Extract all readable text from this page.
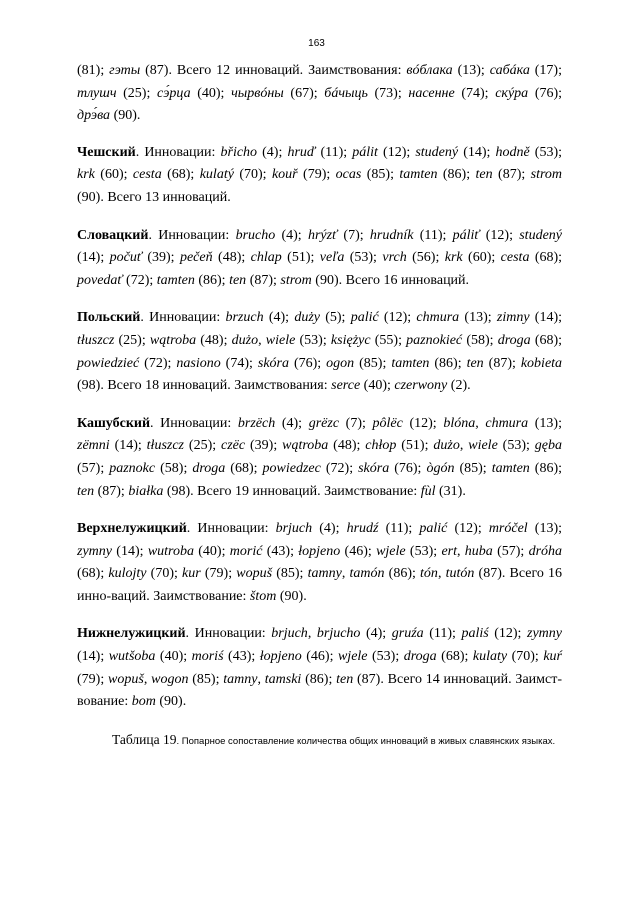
163

(81); гэты (87). Всего 12 инноваций. Заимствования: вóблака (13); сабáка (17); тлушч (25); сэ́рца (40); чырвóны (67); бáчыць (73); насенне (74); скýра (76); дрэ́ва (90).

Чешский. Инновации: břicho (4); hruď (11); pálit (12); studený (14); hodně (53); krk (60); cesta (68); kulatý (70); kouř (79); ocas (85); tamten (86); ten (87); strom (90). Всего 13 инноваций.

Словацкий. Инновации: brucho (4); hrýzť (7); hrudník (11); páliť (12); studený (14); počuť (39); pečeň (48); chlap (51); veľa (53); vrch (56); krk (60); cesta (68); povedať (72); tamten (86); ten (87); strom (90). Всего 16 инноваций.

Польский. Инновации: brzuch (4); duży (5); palić (12); chmura (13); zimny (14); tłuszcz (25); wątroba (48); dużo, wiele (53); księżyc (55); paznokieć (58); droga (68); powiedzieć (72); nasiono (74); skóra (76); ogon (85); tamten (86); ten (87); kobieta (98). Всего 18 инноваций. Заимствования: serce (40); czerwony (2).

Кашубский. Инновации: brzëch (4); grëzc (7); pôlëc (12); blóna, chmura (13); zëmni (14); tłuszcz (25); czëc (39); wątroba (48); chłop (51); dużo, wiele (53); gęba (57); paznokc (58); droga (68); powiedzec (72); skóra (76); ògón (85); tamten (86); ten (87); białka (98). Всего 19 инноваций. Заимствование: fùl (31).

Верхнелужицкий. Инновации: brjuch (4); hrudź (11); palić (12); mróčel (13); zymny (14); wutroba (40); morić (43); łopjeno (46); wjele (53); ert, huba (57); dróha (68); kulojty (70); kur (79); wopuš (85); tamny, tamón (86); tón, tutón (87). Всего 16 инно-ваций. Заимствование: štom (90).

Нижнелужицкий. Инновации: brjuch, brjucho (4); gruźa (11); paliś (12); zymny (14); wutšoba (40); moriś (43); łopjeno (46); wjele (53); droga (68); kulaty (70); kuŕ (79); wopuš, wogon (85); tamny, tamski (86); ten (87). Всего 14 инноваций. Заимст-вование: bom (90).

Таблица 19. Попарное сопоставление количества общих инноваций в живых славянских языках.
